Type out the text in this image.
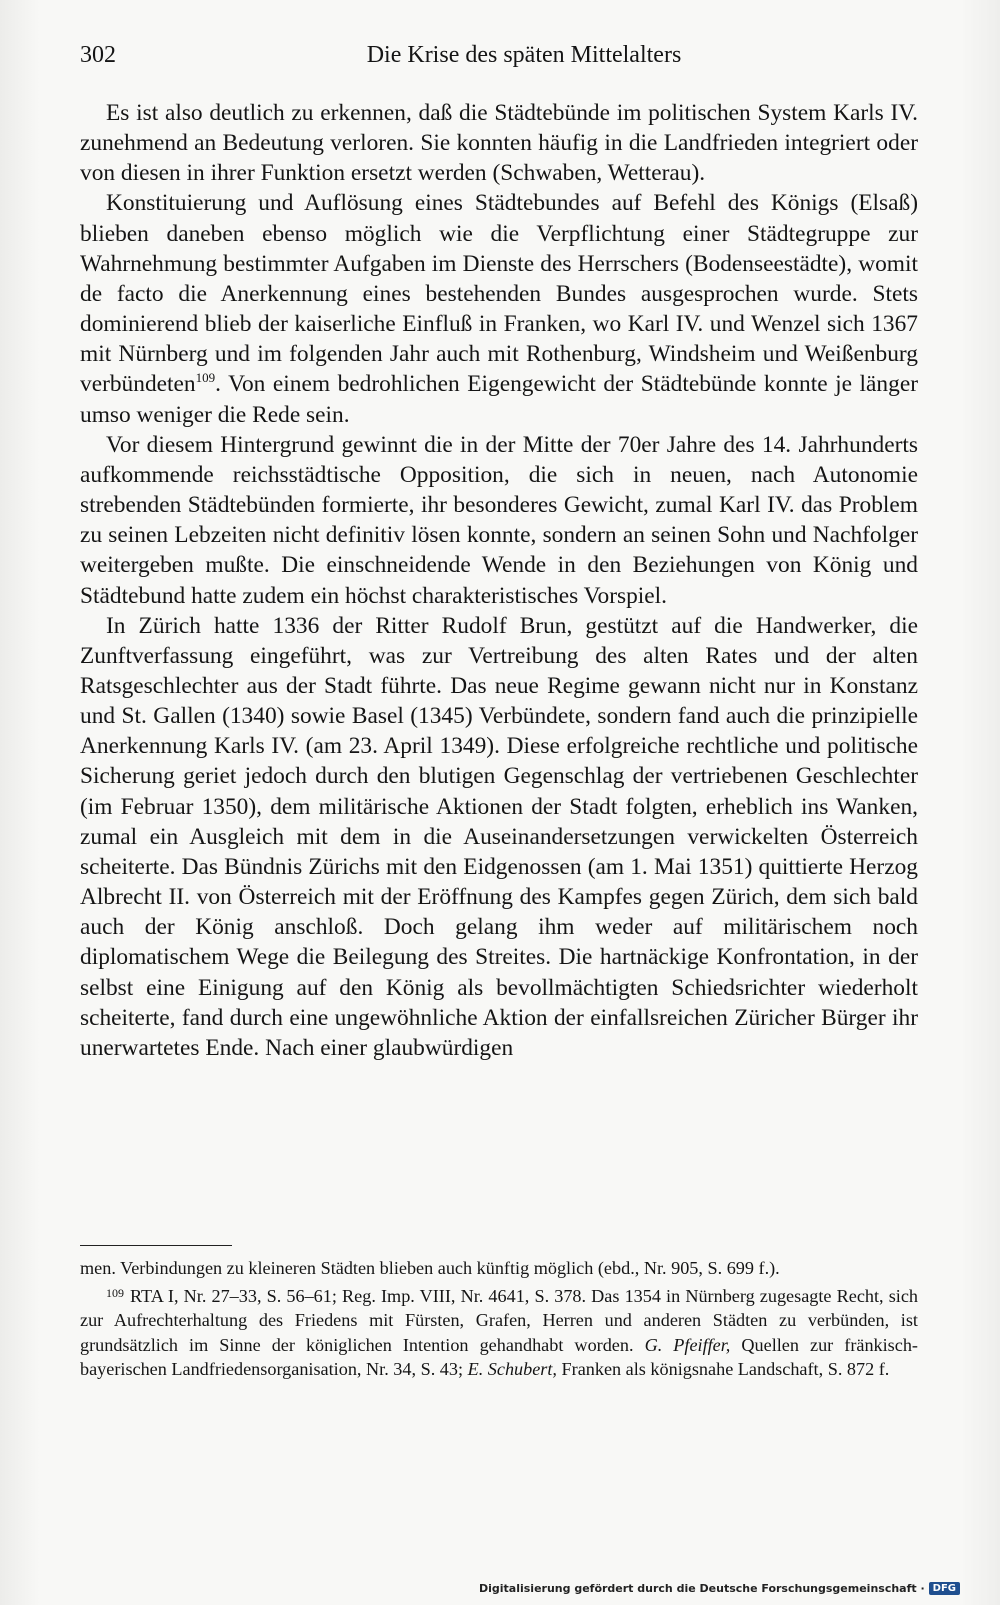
302	Die Krise des späten Mittelalters

Es ist also deutlich zu erkennen, daß die Städtebünde im politischen System Karls IV. zunehmend an Bedeutung verloren. Sie konnten häufig in die Landfrieden integriert oder von diesen in ihrer Funktion ersetzt werden (Schwaben, Wetterau).

Konstituierung und Auflösung eines Städtebundes auf Befehl des Königs (Elsaß) blieben daneben ebenso möglich wie die Verpflichtung einer Städtegruppe zur Wahrnehmung bestimmter Aufgaben im Dienste des Herrschers (Bodenseestädte), womit de facto die Anerkennung eines bestehenden Bundes ausgesprochen wurde. Stets dominierend blieb der kaiserliche Einfluß in Franken, wo Karl IV. und Wenzel sich 1367 mit Nürnberg und im folgenden Jahr auch mit Rothenburg, Windsheim und Weißenburg verbündeten$^{109}$. Von einem bedrohlichen Eigengewicht der Städtebünde konnte je länger umso weniger die Rede sein.

Vor diesem Hintergrund gewinnt die in der Mitte der 70er Jahre des 14. Jahrhunderts aufkommende reichsstädtische Opposition, die sich in neuen, nach Autonomie strebenden Städtebünden formierte, ihr besonderes Gewicht, zumal Karl IV. das Problem zu seinen Lebzeiten nicht definitiv lösen konnte, sondern an seinen Sohn und Nachfolger weitergeben mußte. Die einschneidende Wende in den Beziehungen von König und Städtebund hatte zudem ein höchst charakteristisches Vorspiel.

In Zürich hatte 1336 der Ritter Rudolf Brun, gestützt auf die Handwerker, die Zunftverfassung eingeführt, was zur Vertreibung des alten Rates und der alten Ratsgeschlechter aus der Stadt führte. Das neue Regime gewann nicht nur in Konstanz und St. Gallen (1340) sowie Basel (1345) Verbündete, sondern fand auch die prinzipielle Anerkennung Karls IV. (am 23. April 1349). Diese erfolgreiche rechtliche und politische Sicherung geriet jedoch durch den blutigen Gegenschlag der vertriebenen Geschlechter (im Februar 1350), dem militärische Aktionen der Stadt folgten, erheblich ins Wanken, zumal ein Ausgleich mit dem in die Auseinandersetzungen verwickelten Österreich scheiterte. Das Bündnis Zürichs mit den Eidgenossen (am 1. Mai 1351) quittierte Herzog Albrecht II. von Österreich mit der Eröffnung des Kampfes gegen Zürich, dem sich bald auch der König anschloß. Doch gelang ihm weder auf militärischem noch diplomatischem Wege die Beilegung des Streites. Die hartnäckige Konfrontation, in der selbst eine Einigung auf den König als bevollmächtigten Schiedsrichter wiederholt scheiterte, fand durch eine ungewöhnliche Aktion der einfallsreichen Züricher Bürger ihr unerwartetes Ende. Nach einer glaubwürdigen

men. Verbindungen zu kleineren Städten blieben auch künftig möglich (ebd., Nr. 905, S. 699 f.).

$^{109}$ RTA I, Nr. 27–33, S. 56–61; Reg. Imp. VIII, Nr. 4641, S. 378. Das 1354 in Nürnberg zugesagte Recht, sich zur Aufrechterhaltung des Friedens mit Fürsten, Grafen, Herren und anderen Städten zu verbünden, ist grundsätzlich im Sinne der königlichen Intention gehandhabt worden. G. Pfeiffer, Quellen zur fränkisch-bayerischen Landfriedensorganisation, Nr. 34, S. 43; E. Schubert, Franken als königsnahe Landschaft, S. 872 f.

Digitalisierung gefördert durch die Deutsche Forschungsgemeinschaft · DFG
